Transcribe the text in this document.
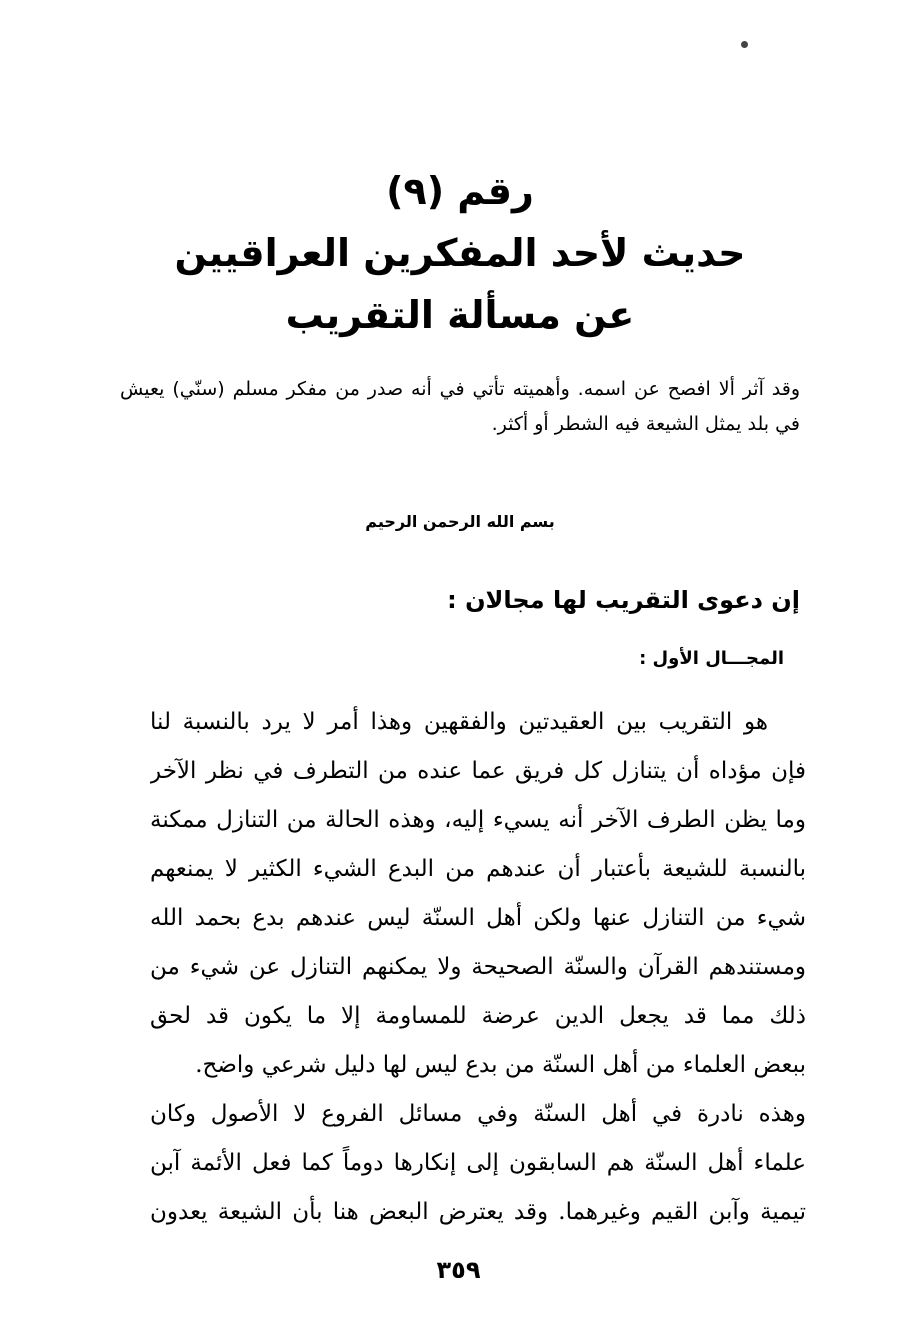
رقم (٩)
حديث لأحد المفكرين العراقيين
عن مسألة التقريب
وقد آثر ألا افصح عن اسمه. وأهميته تأتي في أنه صدر من مفكر مسلم (سنّي) يعيش في بلد يمثل الشيعة فيه الشطر أو أكثر.
بسم الله الرحمن الرحيم
إن دعوى التقريب لها مجالان :
المجـــال الأول :
هو التقريب بين العقيدتين والفقهين وهذا أمر لا يرد بالنسبة لنا
فإن مؤداه أن يتنازل كل فريق عما عنده من التطرف في نظر الآخر
وما يظن الطرف الآخر أنه يسيء إليه، وهذه الحالة من التنازل ممكنة
بالنسبة للشيعة بأعتبار أن عندهم من البدع الشيء الكثير لا يمنعهم
شيء من التنازل عنها ولكن أهل السنّة ليس عندهم بدع بحمد الله
ومستندهم القرآن والسنّة الصحيحة ولا يمكنهم التنازل عن شيء من
ذلك مما قد يجعل الدين عرضة للمساومة إلا ما يكون قد لحق
ببعض العلماء من أهل السنّة من بدع ليس لها دليل شرعي واضح.
وهذه نادرة في أهل السنّة وفي مسائل الفروع لا الأصول وكان
علماء أهل السنّة هم السابقون إلى إنكارها دوماً كما فعل الأئمة آبن
تيمية وآبن القيم وغيرهما. وقد يعترض البعض هنا بأن الشيعة يعدون
٣٥٩
